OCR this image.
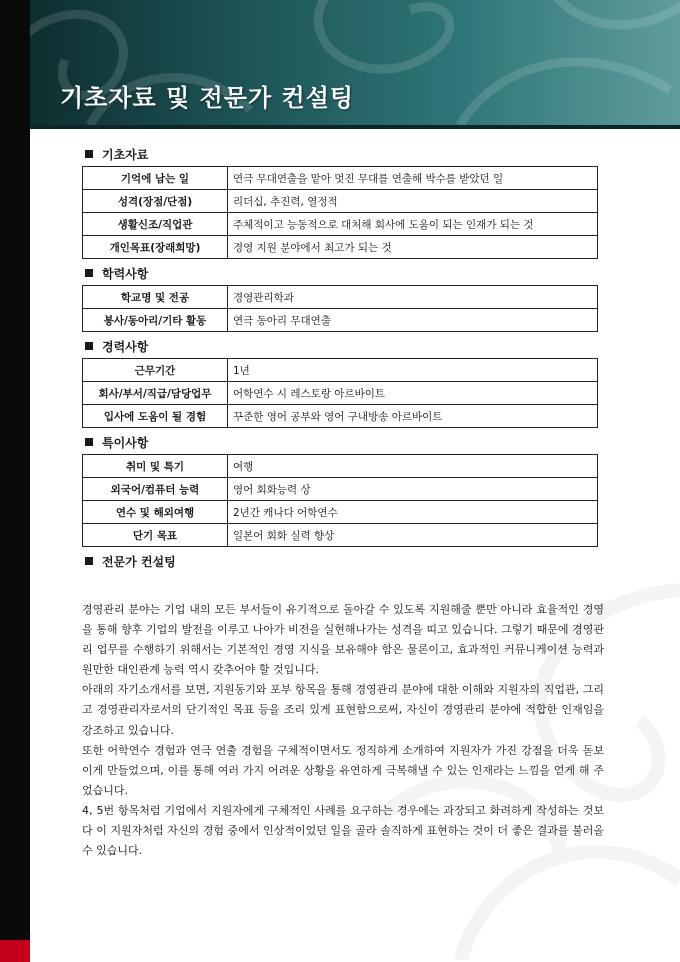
기초자료 및 전문가 컨설팅
기초자료
기억에 남는 일	연극 무대연출을 맡아 멋진 무대를 연출해 박수를 받았던 일
성격(장점/단점)	리더십, 추진력, 열정적
생활신조/직업관	주체적이고 능동적으로 대처해 회사에 도움이 되는 인재가 되는 것
개인목표(장래희망)	경영 지원 분야에서 최고가 되는 것
학력사항
학교명 및 전공	경영관리학과
봉사/동아리/기타 활동	연극 동아리 무대연출
경력사항
근무기간	1년
회사/부서/직급/담당업무	어학연수 시 레스토랑 아르바이트
입사에 도움이 될 경험	꾸준한 영어 공부와 영어 구내방송 아르바이트
특이사항
취미 및 특기	여행
외국어/컴퓨터 능력	영어 회화능력 상
연수 및 해외여행	2년간 캐나다 어학연수
단기 목표	일본어 회화 실력 향상
전문가 컨설팅

경영관리 분야는 기업 내의 모든 부서들이 유기적으로 돌아갈 수 있도록 지원해줄 뿐만 아니라 효율적인 경영을 통해 향후 기업의 발전을 이루고 나아가 비전을 실현해나가는 성격을 띠고 있습니다. 그렇기 때문에 경영관리 업무를 수행하기 위해서는 기본적인 경영 지식을 보유해야 함은 물론이고, 효과적인 커뮤니케이션 능력과 원만한 대인관계 능력 역시 갖추어야 할 것입니다.

아래의 자기소개서를 보면, 지원동기와 포부 항목을 통해 경영관리 분야에 대한 이해와 지원자의 직업관, 그리고 경영관리자로서의 단기적인 목표 등을 조리 있게 표현함으로써, 자신이 경영관리 분야에 적합한 인재임을 강조하고 있습니다.

또한 어학연수 경험과 연극 연출 경험을 구체적이면서도 정직하게 소개하여 지원자가 가진 강점을 더욱 돋보이게 만들었으며, 이를 통해 여러 가지 어려운 상황을 유연하게 극복해낼 수 있는 인재라는 느낌을 얻게 해 주었습니다.

4, 5번 항목처럼 기업에서 지원자에게 구체적인 사례를 요구하는 경우에는 과장되고 화려하게 작성하는 것보다 이 지원자처럼 자신의 경험 중에서 인상적이었던 일을 골라 솔직하게 표현하는 것이 더 좋은 결과를 불러올 수 있습니다.
